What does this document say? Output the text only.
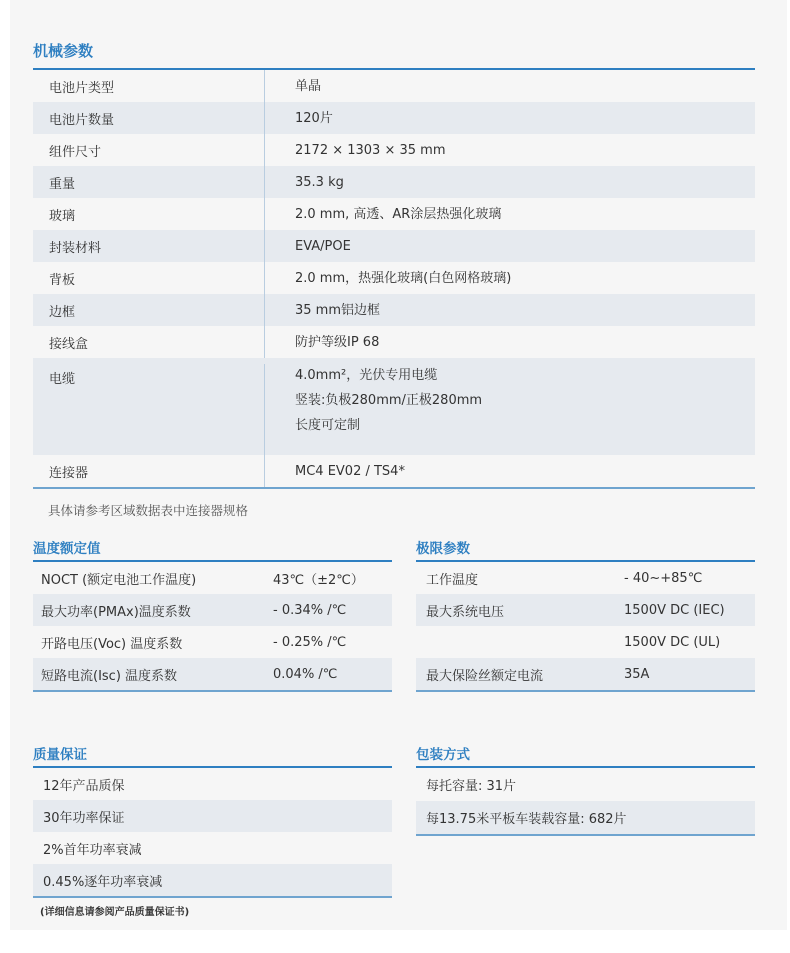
机械参数
电池片类型	单晶
电池片数量	120片
组件尺寸	2172 × 1303 × 35 mm
重量	35.3 kg
玻璃	2.0 mm, 高透、AR涂层热强化玻璃
封装材料	EVA/POE
背板	2.0 mm，热强化玻璃(白色网格玻璃)
边框	35 mm铝边框
接线盒	防护等级IP 68
电缆	4.0mm²，光伏专用电缆
竖装:负极280mm/正极280mm
长度可定制
连接器	MC4 EV02 / TS4*
具体请参考区域数据表中连接器规格
温度额定值
NOCT (额定电池工作温度)	43℃（±2℃）
最大功率(PMAx)温度系数	- 0.34% /℃
开路电压(Voc) 温度系数	- 0.25% /℃
短路电流(Isc) 温度系数	0.04% /℃
极限参数
工作温度	- 40~+85℃
最大系统电压	1500V DC (IEC)
1500V DC (UL)
最大保险丝额定电流	35A
质量保证
12年产品质保
30年功率保证
2%首年功率衰减
0.45%逐年功率衰减
(详细信息请参阅产品质量保证书)
包装方式
每托容量: 31片
每13.75米平板车装载容量: 682片
